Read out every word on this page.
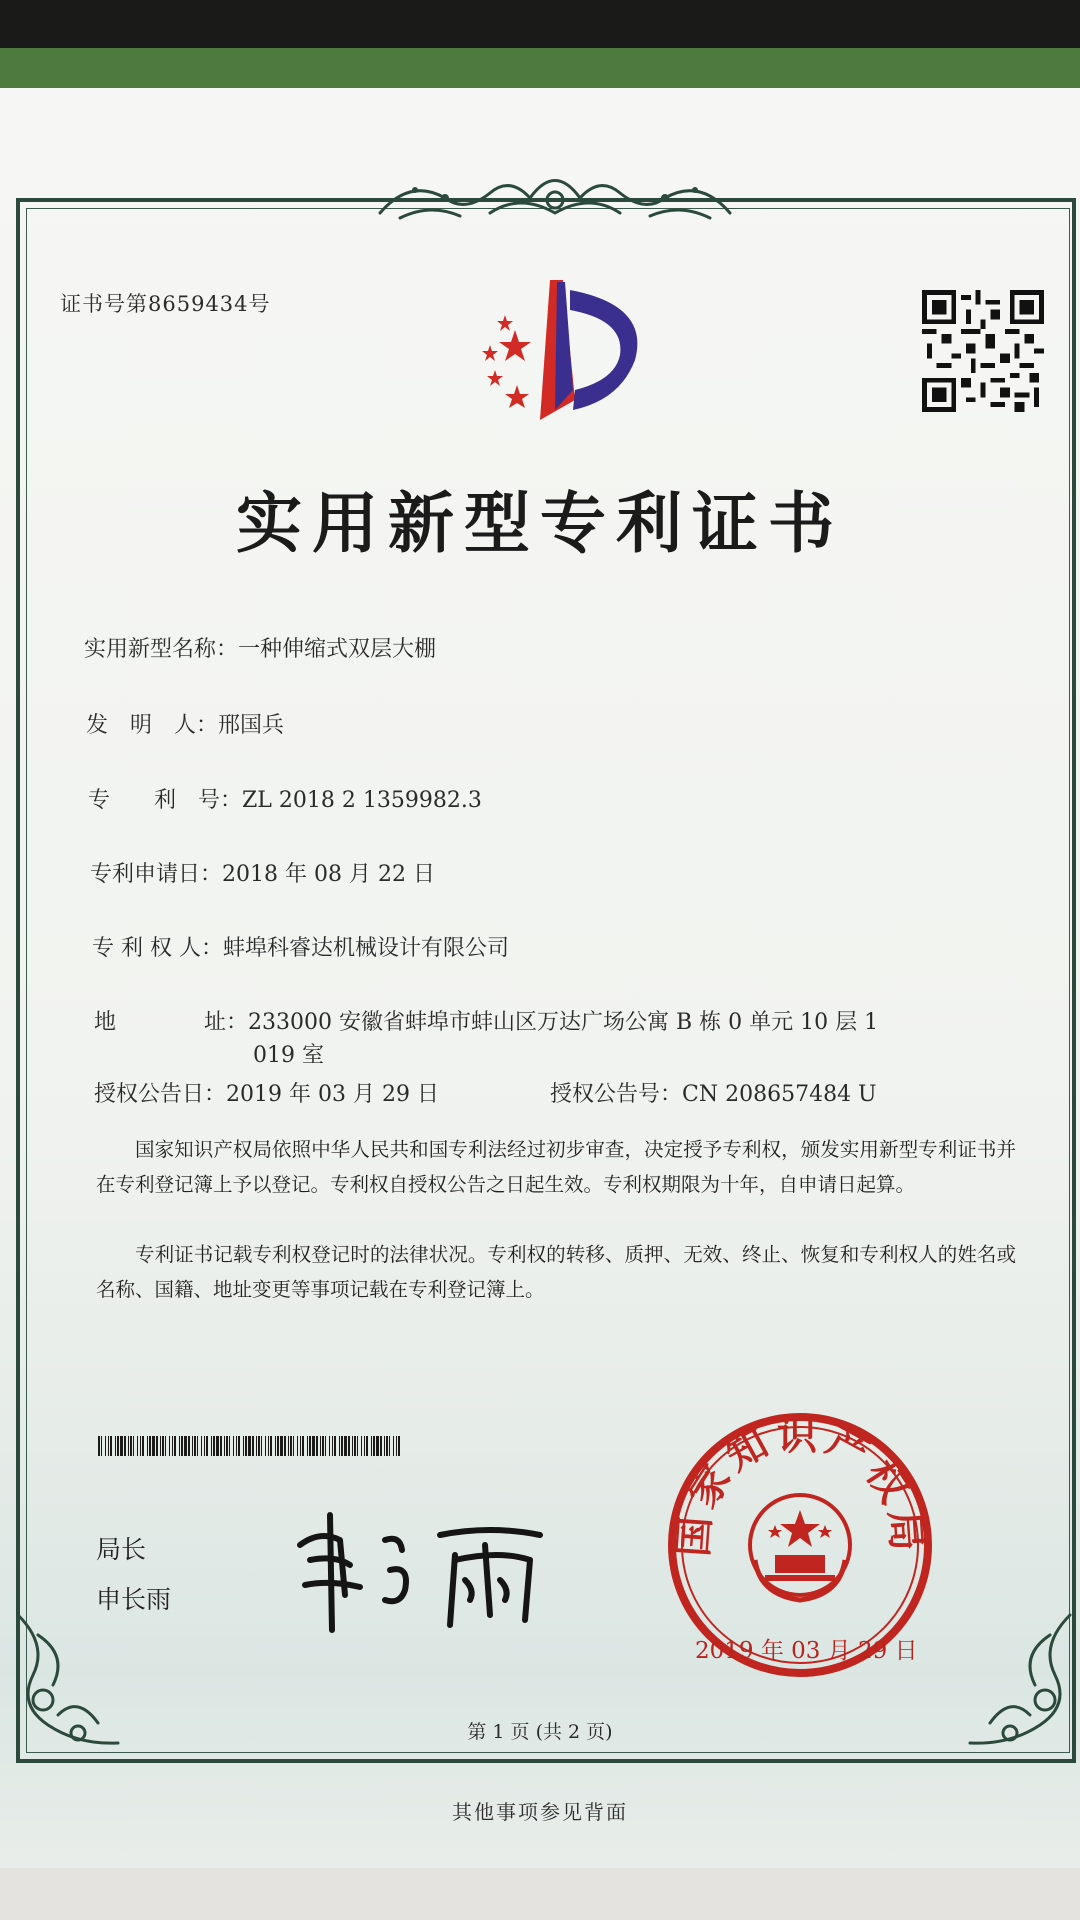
证书号第8659434号
实用新型专利证书
实用新型名称：一种伸缩式双层大棚
发　明　人：邢国兵
专　　利　号：ZL 2018 2 1359982.3
专利申请日：2018 年 08 月 22 日
专 利 权 人：蚌埠科睿达机械设计有限公司
地　　　　址：233000 安徽省蚌埠市蚌山区万达广场公寓 B 栋 0 单元 10 层 1
019 室
授权公告日：2019 年 03 月 29 日	授权公告号：CN 208657484 U
国家知识产权局依照中华人民共和国专利法经过初步审查，决定授予专利权，颁发实用新型专利证书并在专利登记簿上予以登记。专利权自授权公告之日起生效。专利权期限为十年，自申请日起算。
专利证书记载专利权登记时的法律状况。专利权的转移、质押、无效、终止、恢复和专利权人的姓名或名称、国籍、地址变更等事项记载在专利登记簿上。
局长
申长雨
国家知识产权局
2019 年 03 月 29 日
第 1 页 (共 2 页)
其他事项参见背面
